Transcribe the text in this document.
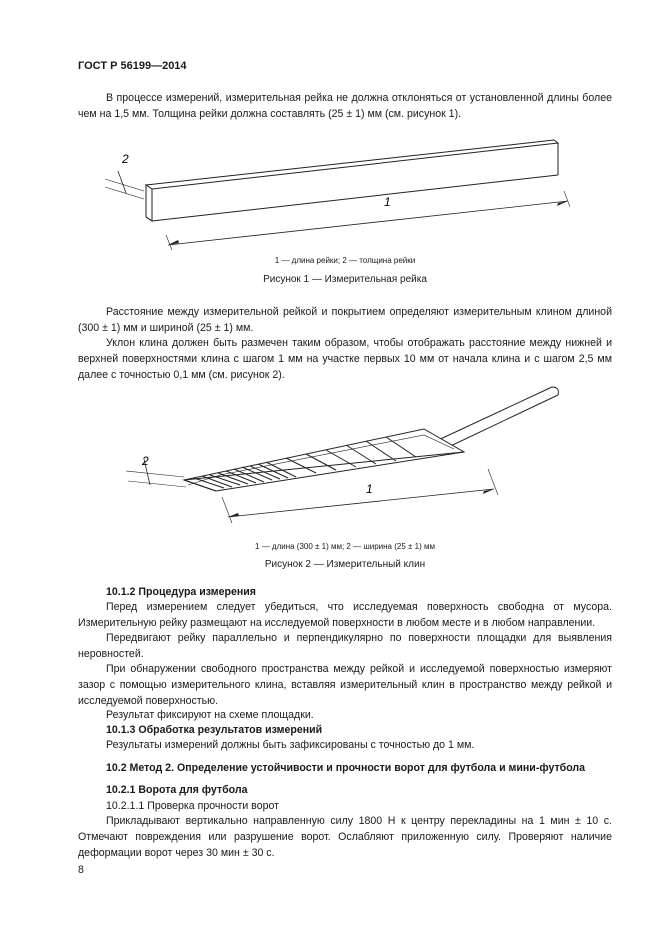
ГОСТ Р 56199—2014
В процессе измерений, измерительная рейка не должна отклоняться от установленной длины более чем на 1,5 мм. Толщина рейки должна составлять (25 ± 1) мм (см. рисунок 1).
1
2
1 — длина рейки; 2 — толщина рейки
Рисунок 1 — Измерительная рейка
Расстояние между измерительной рейкой и покрытием определяют измерительным клином длиной (300 ± 1) мм и шириной (25 ± 1) мм.
Уклон клина должен быть размечен таким образом, чтобы отображать расстояние между нижней и верхней поверхностями клина с шагом 1 мм на участке первых 10 мм от начала клина и с шагом 2,5 мм далее с точностью 0,1 мм (см. рисунок 2).
1
2
1 — длина (300 ± 1) мм; 2 — ширина (25 ± 1) мм
Рисунок 2 — Измерительный клин
10.1.2 Процедура измерения
Перед измерением следует убедиться, что исследуемая поверхность свободна от мусора. Измерительную рейку размещают на исследуемой поверхности в любом месте и в любом направлении.
Передвигают рейку параллельно и перпендикулярно по поверхности площадки для выявления неровностей.
При обнаружении свободного пространства между рейкой и исследуемой поверхностью измеряют зазор с помощью измерительного клина, вставляя измерительный клин в пространство между рейкой и исследуемой поверхностью.
Результат фиксируют на схеме площадки.
10.1.3 Обработка результатов измерений
Результаты измерений должны быть зафиксированы с точностью до 1 мм.
10.2 Метод 2. Определение устойчивости и прочности ворот для футбола и мини-футбола
10.2.1 Ворота для футбола
10.2.1.1 Проверка прочности ворот
Прикладывают вертикально направленную силу 1800 Н к центру перекладины на 1 мин ± 10 с. Отмечают повреждения или разрушение ворот. Ослабляют приложенную силу. Проверяют наличие деформации ворот через 30 мин ± 30 с.
8
